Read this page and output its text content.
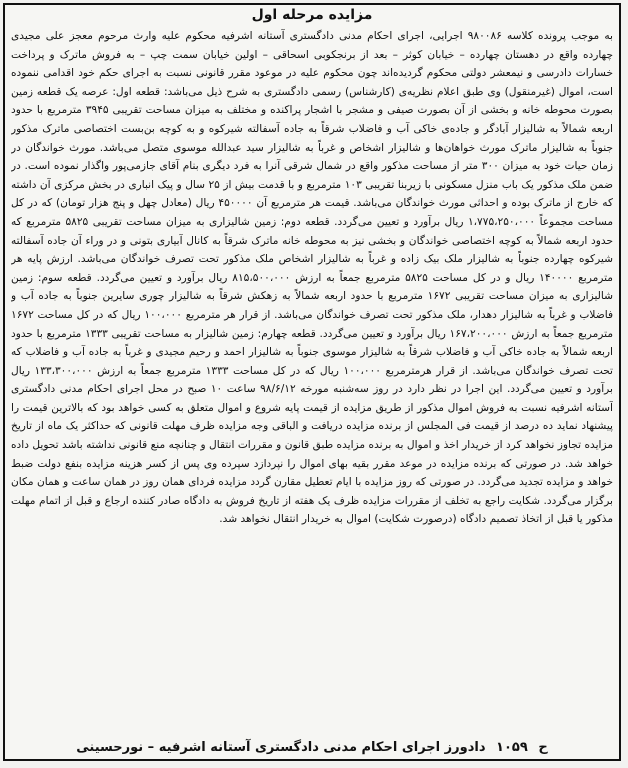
مزایده مرحله اول
به موجب پرونده کلاسه ۹۸۰۰۸۶ اجرایی، اجرای احکام مدنی دادگستری آستانه اشرفیه محکوم علیه وارث مرحوم معجز علی مجیدی چهارده واقع در دهستان چهارده – خیابان کوثر – بعد از برنجکوبی اسحاقی – اولین خیابان سمت چپ – به فروش ماترک و پرداخت خسارات دادرسی و نیمعشر دولتی محکوم گردیده‌اند چون محکوم علیه در موعود مقرر قانونی نسبت به اجرای حکم خود اقدامی ننموده است، اموال (غیرمنقول) وی طبق اعلام نظریه‌ی (کارشناس) رسمی دادگستری به شرح ذیل می‌باشد: قطعه اول: عرصه یک قطعه زمین بصورت محوطه خانه و بخشی از آن بصورت صیفی و مشجر با اشجار پراکنده و مختلف به میزان مساحت تقریبی ۳۹۴۵ مترمربع با حدود اربعه شمالاً به شالیزار آبادگر و جاده‌ی خاکی آب و فاضلاب شرقاً به جاده آسفالته شیرکوه و به کوچه بن‌بست اختصاصی ماترک مذکور جنوباً به شالیزار ماترک مورث خواهان‌ها و شالیزار اشخاص و غرباً به شالیزار سید عبدالله موسوی متصل می‌باشد. مورث خواندگان در زمان حیات خود به میزان ۳۰۰ متر از مساحت مذکور واقع در شمال شرقی آنرا به فرد دیگری بنام آقای جازمی‌پور واگذار نموده است. در ضمن ملک مذکور یک باب منزل مسکونی با زیربنا تقریبی ۱۰۳ مترمربع و با قدمت بیش از ۲۵ سال و پیک انباری در بخش مرکزی آن داشته که خارج از ماترک بوده و احداثی مورث خواندگان می‌باشد. قیمت هر مترمربع آن ۴۵۰۰۰۰ ریال (معادل چهل و پنج هزار تومان) که در کل مساحت مجموعاً ۱،۷۷۵،۲۵۰،۰۰۰ ریال برآورد و تعیین می‌گردد. قطعه دوم: زمین شالیزاری به میزان مساحت تقریبی ۵۸۲۵ مترمربع که حدود اربعه شمالاً به کوچه اختصاصی خواندگان و بخشی نیز به محوطه خانه ماترک شرقاً به کانال آبیاری بتونی و در وراء آن جاده آسفالته شیرکوه چهارده جنوباً به شالیزار ملک بیک زاده و غرباً به شالیزار اشخاص ملک مذکور تحت تصرف خواندگان می‌باشد. ارزش پایه هر مترمربع ۱۴۰۰۰۰ ریال و در کل مساحت ۵۸۲۵ مترمربع جمعاً به ارزش ۸۱۵،۵۰۰،۰۰۰ ریال برآورد و تعیین می‌گردد. قطعه سوم: زمین شالیزاری به میزان مساحت تقریبی ۱۶۷۲ مترمربع با حدود اربعه شمالاً به زهکش شرقاً به شالیزار چوری سایرین جنوباً به جاده آب و فاضلاب و غرباً به شالیزار دهدار، ملک مذکور تحت تصرف خواندگان می‌باشد. از قرار هر مترمربع ۱۰۰،۰۰۰ ریال که در کل مساحت ۱۶۷۲ مترمربع جمعاً به ارزش ۱۶۷،۲۰۰،۰۰۰ ریال برآورد و تعیین می‌گردد. قطعه چهارم: زمین شالیزار به مساحت تقریبی ۱۳۳۳ مترمربع با حدود اربعه شمالاً به جاده خاکی آب و فاضلاب شرقاً به شالیزار موسوی جنوباً به شالیزار احمد و رحیم مجیدی و غرباً به جاده آب و فاضلاب که تحت تصرف خواندگان می‌باشد. از قرار هرمترمربع ۱۰۰،۰۰۰ ریال که در کل مساحت ۱۳۳۳ مترمربع جمعاً به ارزش ۱۳۳،۳۰۰،۰۰۰ ریال برآورد و تعیین می‌گردد. این اجرا در نظر دارد در روز سه‌شنبه مورخه ۹۸/۶/۱۲ ساعت ۱۰ صبح در محل اجرای احکام مدنی دادگستری آستانه اشرفیه نسبت به فروش اموال مذکور از طریق مزایده از قیمت پایه شروع و اموال متعلق به کسی خواهد بود که بالاترین قیمت را پیشنهاد نماید ده درصد از قیمت فی المجلس از برنده مزایده دریافت و الباقی وجه مزایده ظرف مهلت قانونی که حداکثر یک ماه از تاریخ مزایده تجاوز نخواهد کرد از خریدار اخذ و اموال به برنده مزایده طبق قانون و مقررات انتقال و چنانچه منع قانونی نداشته باشد تحویل داده خواهد شد. در صورتی که برنده مزایده در موعد مقرر بقیه بهای اموال را نپردازد سپرده وی پس از کسر هزینه مزایده بنفع دولت ضبط خواهد و مزایده تجدید می‌گردد. در صورتی که روز مزایده با ایام تعطیل مقارن گردد مزایده فردای همان روز در همان ساعت و همان مکان برگزار می‌گردد. شکایت راجع به تخلف از مقررات مزایده ظرف یک هفته از تاریخ فروش به دادگاه صادر کننده ارجاع و قبل از اتمام مهلت مذکور یا قبل از اتخاذ تصمیم دادگاه (درصورت شکایت) اموال به خریدار انتقال نخواهد شد.
ح ۱۰۵۹ دادورز اجرای احکام مدنی دادگستری آستانه اشرفیه – نورحسینی
